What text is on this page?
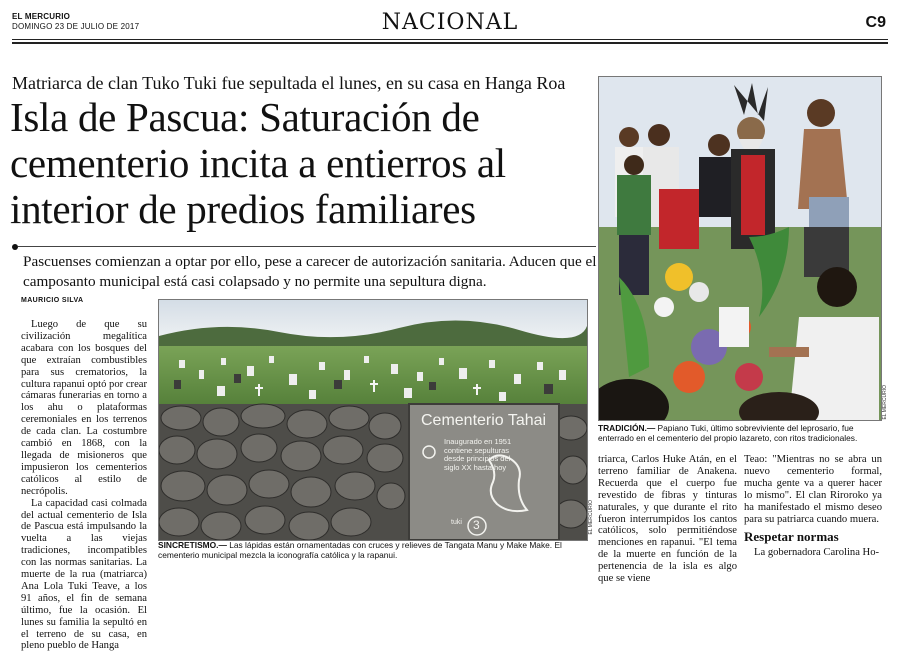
EL MERCURIO
DOMINGO 23 DE JULIO DE 2017	NACIONAL	C9
Matriarca de clan Tuko Tuki fue sepultada el lunes, en su casa en Hanga Roa
Isla de Pascua: Saturación de cementerio incita a entierros al interior de predios familiares
Pascuenses comienzan a optar por ello, pese a carecer de autorización sanitaria. Aducen que el camposanto municipal está casi colapsado y no permite una sepultura digna.
MAURICIO SILVA

Luego de que su civilización megalítica acabara con los bosques del que extraían combustibles para sus crematorios, la cultura rapanui optó por crear cámaras funerarias en torno a los ahu o plataformas ceremoniales en los terrenos de cada clan. La costumbre cambió en 1868, con la llegada de misioneros que impusieron los cementerios católicos al estilo de necrópolis.

La capacidad casi colmada del actual cementerio de Isla de Pascua está impulsando la vuelta a las viejas tradiciones, incompatibles con las normas sanitarias. La muerte de la rua (matriarca) Ana Lola Tuki Teave, a los 91 años, el fin de semana último, fue la ocasión. El lunes su familia la sepultó en el terreno de su casa, en pleno pueblo de Hanga

Cementerio Tahai
Inaugurado en 1951 contiene sepulturas desde principios del siglo XX hasta hoy
tuki 3	EL MERCURIO
SINCRETISMO.— Las lápidas están ornamentadas con cruces y relieves de Tangata Manu y Make Make. El cementerio municipal mezcla la iconografía católica y la rapanui.
EL MERCURIO
TRADICIÓN.— Papiano Tuki, último sobreviviente del leprosario, fue enterrado en el cementerio del propio lazareto, con ritos tradicionales.

triarca, Carlos Huke Atán, en el terreno familiar de Anakena. Recuerda que el cuerpo fue revestido de fibras y tinturas naturales, y que durante el rito fueron interrumpidos los cantos católicos, solo permitiéndose menciones en rapanui. "El tema de la muerte en función de la pertenencia de la isla es algo que se viene

Teao: "Mientras no se abra un nuevo cementerio formal, mucha gente va a querer hacer lo mismo". El clan Riroroko ya ha manifestado el mismo deseo para su patriarca cuando muera.

Respetar normas

La gobernadora Carolina Ho-
